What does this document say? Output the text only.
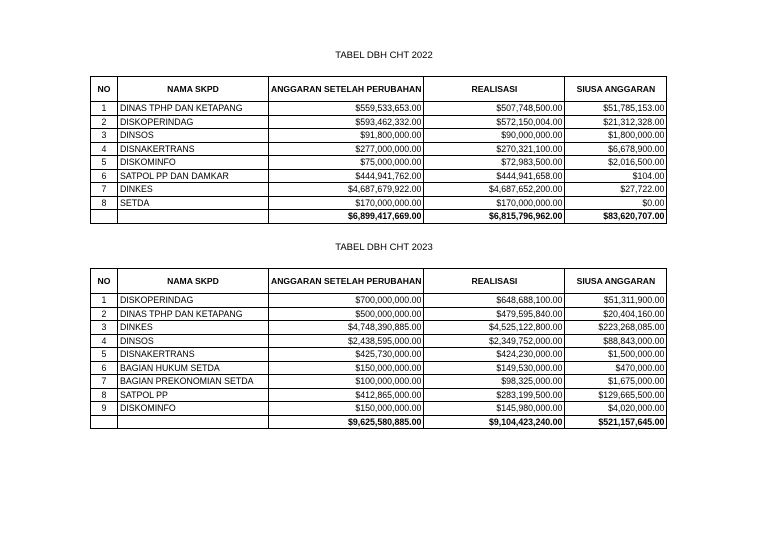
TABEL DBH CHT 2022
NO	NAMA SKPD	ANGGARAN SETELAH PERUBAHAN	REALISASI	SIUSA ANGGARAN
1	DINAS TPHP DAN KETAPANG	$559,533,653.00	$507,748,500.00	$51,785,153.00
2	DISKOPERINDAG	$593,462,332.00	$572,150,004.00	$21,312,328.00
3	DINSOS	$91,800,000.00	$90,000,000.00	$1,800,000.00
4	DISNAKERTRANS	$277,000,000.00	$270,321,100.00	$6,678,900.00
5	DISKOMINFO	$75,000,000.00	$72,983,500.00	$2,016,500.00
6	SATPOL PP DAN DAMKAR	$444,941,762.00	$444,941,658.00	$104.00
7	DINKES	$4,687,679,922.00	$4,687,652,200.00	$27,722.00
8	SETDA	$170,000,000.00	$170,000,000.00	$0.00
		$6,899,417,669.00	$6,815,796,962.00	$83,620,707.00
TABEL DBH CHT 2023
NO	NAMA SKPD	ANGGARAN SETELAH PERUBAHAN	REALISASI	SIUSA ANGGARAN
1	DISKOPERINDAG	$700,000,000.00	$648,688,100.00	$51,311,900.00
2	DINAS TPHP DAN KETAPANG	$500,000,000.00	$479,595,840.00	$20,404,160.00
3	DINKES	$4,748,390,885.00	$4,525,122,800.00	$223,268,085.00
4	DINSOS	$2,438,595,000.00	$2,349,752,000.00	$88,843,000.00
5	DISNAKERTRANS	$425,730,000.00	$424,230,000.00	$1,500,000.00
6	BAGIAN HUKUM SETDA	$150,000,000.00	$149,530,000.00	$470,000.00
7	BAGIAN PREKONOMIAN SETDA	$100,000,000.00	$98,325,000.00	$1,675,000.00
8	SATPOL PP	$412,865,000.00	$283,199,500.00	$129,665,500.00
9	DISKOMINFO	$150,000,000.00	$145,980,000.00	$4,020,000.00
		$9,625,580,885.00	$9,104,423,240.00	$521,157,645.00
